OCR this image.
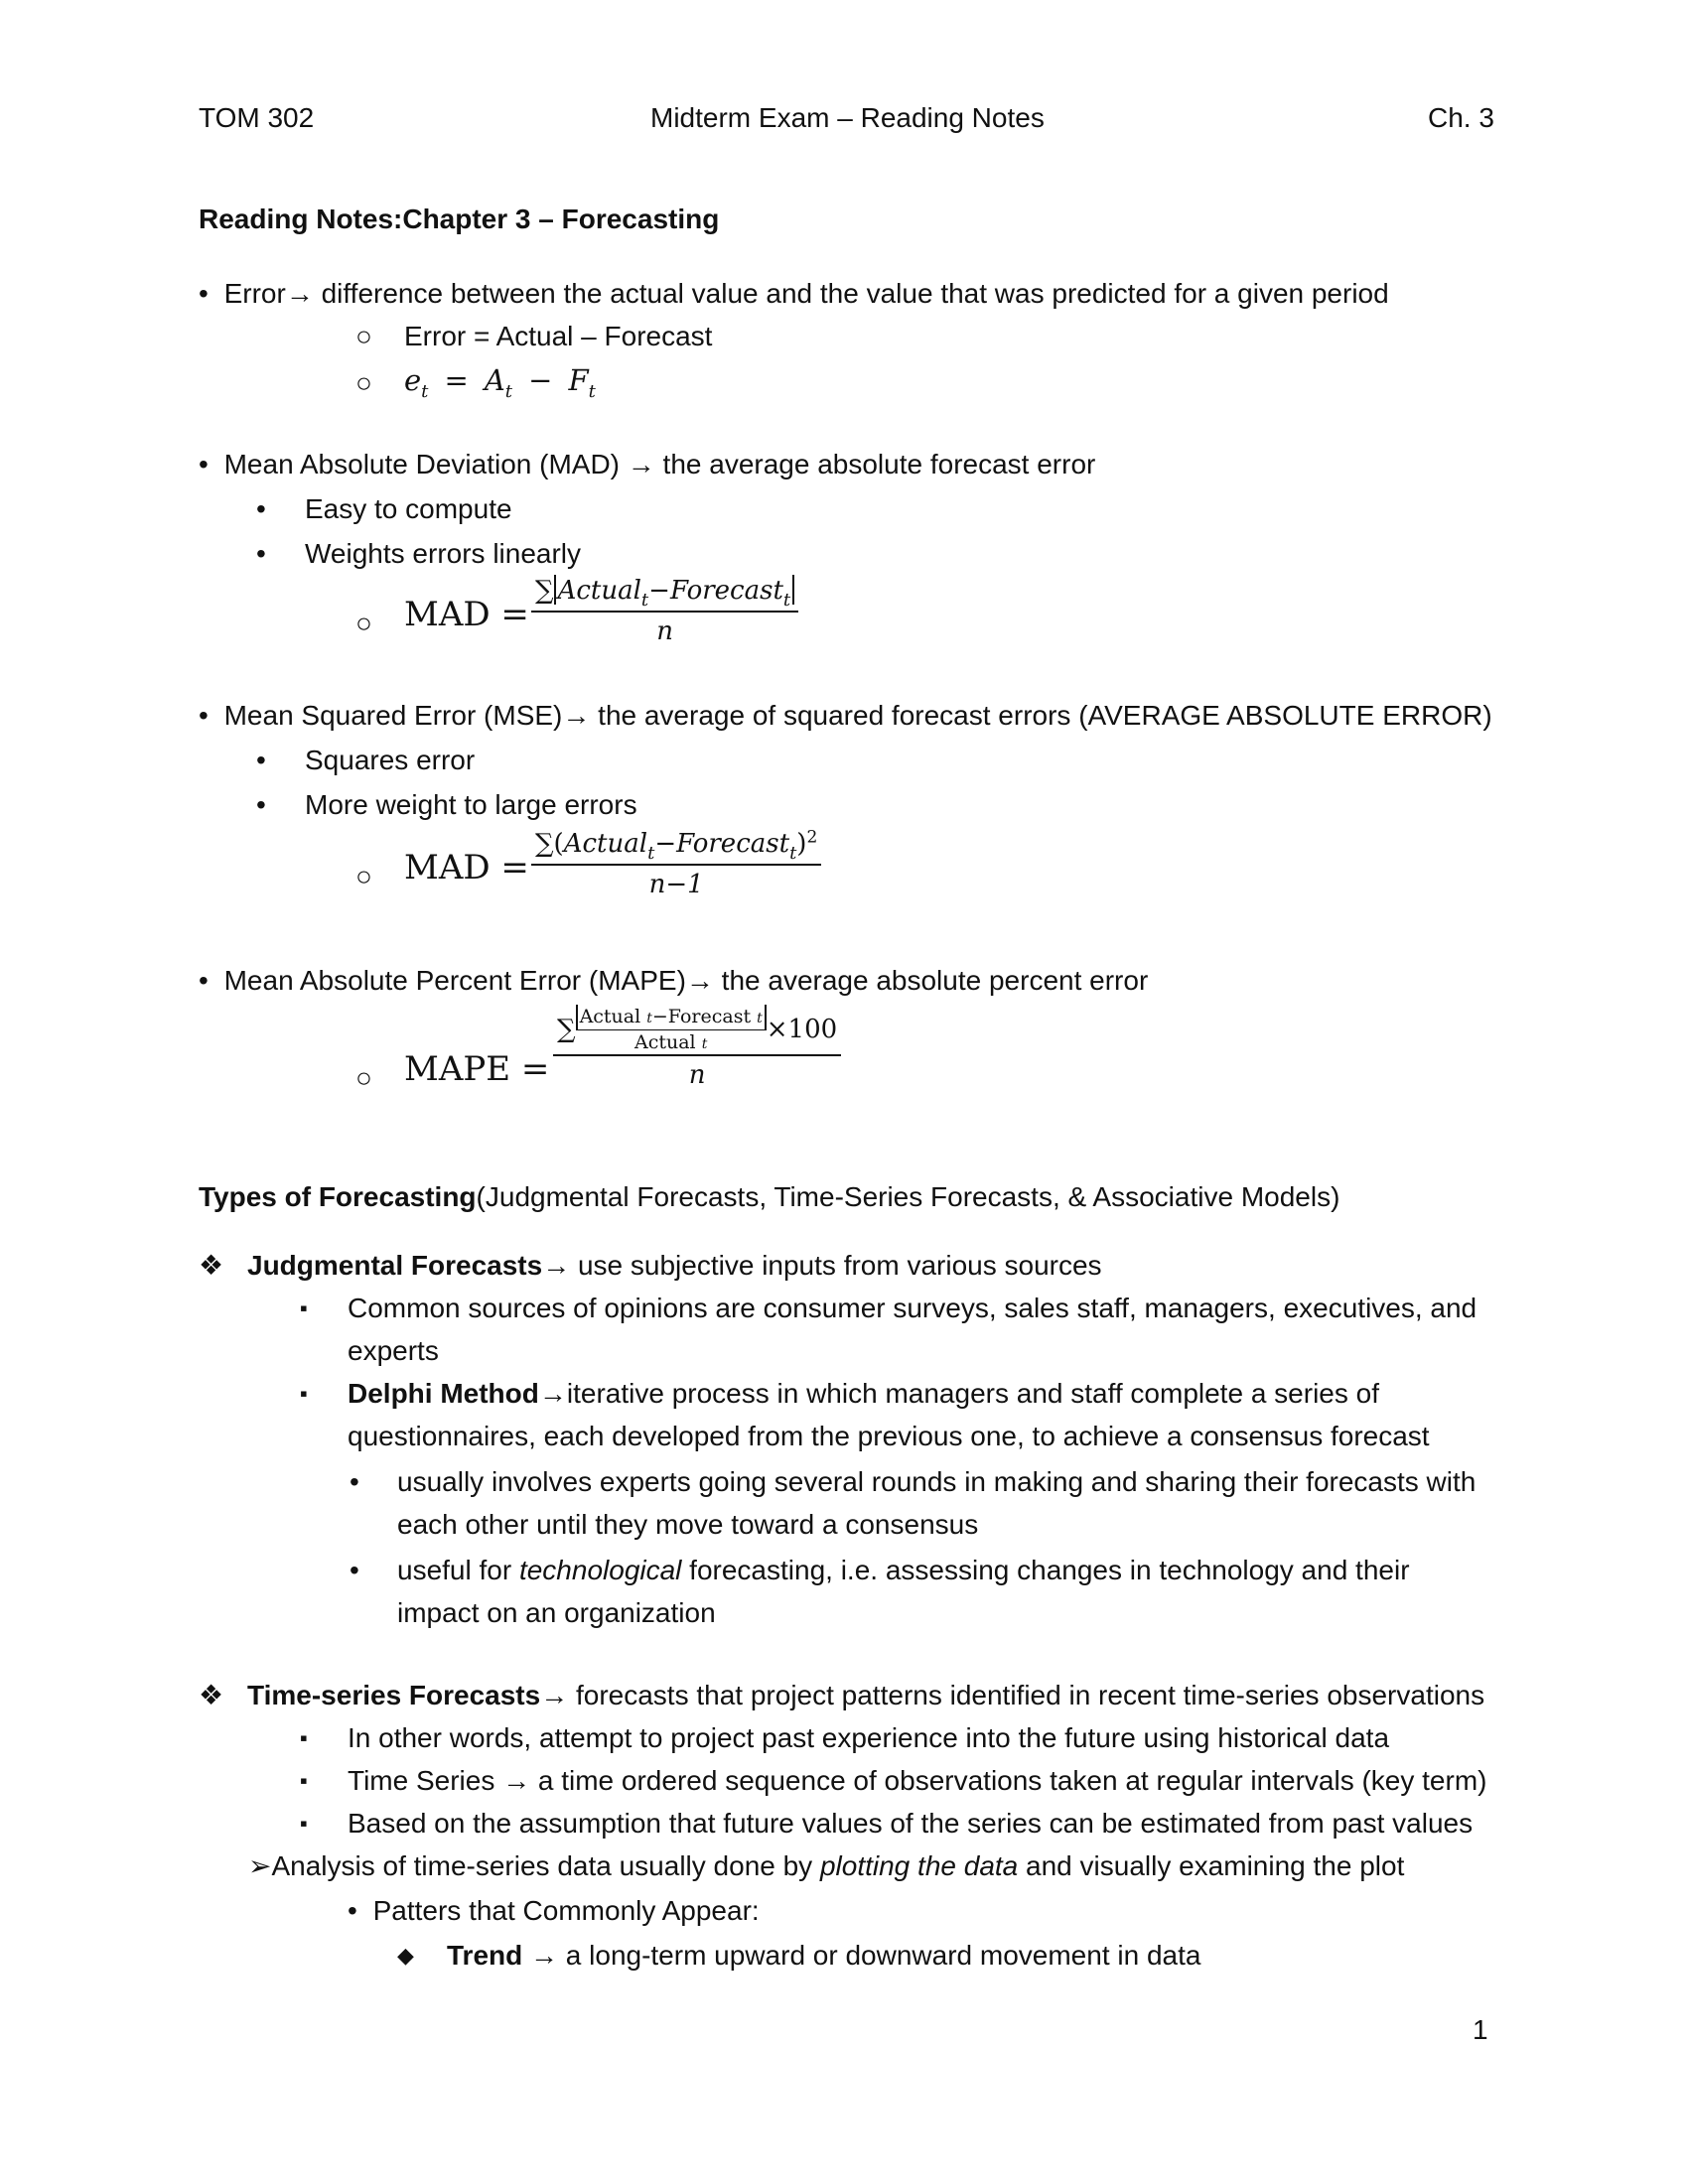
TOM 302	Midterm Exam – Reading Notes	Ch. 3
Reading Notes:Chapter 3 – Forecasting
• Error→ difference between the actual value and the value that was predicted for a given period
○ Error = Actual – Forecast
○ $e_t = A_t - F_t$
• Mean Absolute Deviation (MAD) → the average absolute forecast error
• Easy to compute
• Weights errors linearly
○ MAD =
∑ Actual$_t$−Forecast$_t$
n
• Mean Squared Error (MSE)→ the average of squared forecast errors (AVERAGE ABSOLUTE ERROR)
• Squares error
• More weight to large errors
○ MAD =
∑(Actual$_t$−Forecast$_t$)$^2$
n−1
• Mean Absolute Percent Error (MAPE)→ the average absolute percent error
○ MAPE =
∑ Actual t−Forecast t
Actual t ×100
n
Types of Forecasting(Judgmental Forecasts, Time-Series Forecasts, & Associative Models)
❖ Judgmental Forecasts→ use subjective inputs from various sources
▪ Common sources of opinions are consumer surveys, sales staff, managers, executives, and
experts
▪ Delphi Method→iterative process in which managers and staff complete a series of
questionnaires, each developed from the previous one, to achieve a consensus forecast
• usually involves experts going several rounds in making and sharing their forecasts with
each other until they move toward a consensus
• useful for technological forecasting, i.e. assessing changes in technology and their
impact on an organization
❖ Time-series Forecasts→ forecasts that project patterns identified in recent time-series observations
▪ In other words, attempt to project past experience into the future using historical data
▪ Time Series → a time ordered sequence of observations taken at regular intervals (key term)
▪ Based on the assumption that future values of the series can be estimated from past values
➢Analysis of time-series data usually done by plotting the data and visually examining the plot
• Patters that Commonly Appear:
◆ Trend → a long-term upward or downward movement in data
1
